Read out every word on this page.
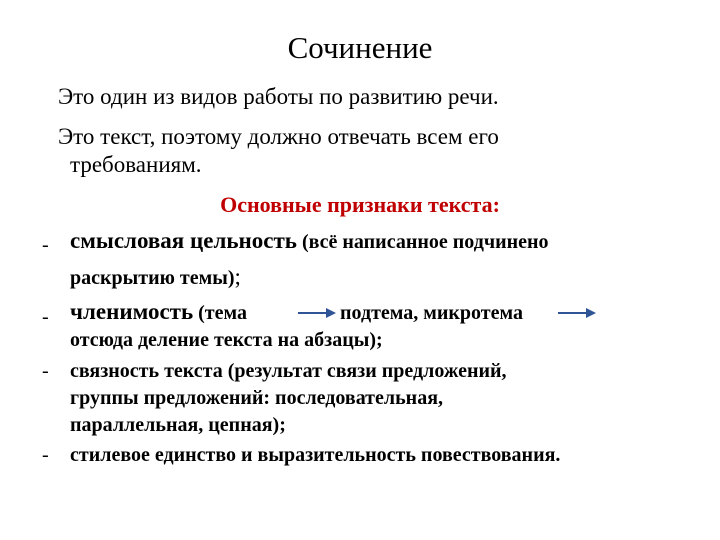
Сочинение
Это один из видов работы по развитию речи.
Это текст, поэтому должно отвечать всем его
требованиям.
Основные признаки текста:
- смысловая цельность (всё написанное подчинено
раскрытию темы);
- членимость (тема	подтема, микротема
отсюда деление текста на абзацы);
- связность текста (результат связи предложений,
группы предложений: последовательная,
параллельная, цепная);
- стилевое единство и выразительность повествования.
